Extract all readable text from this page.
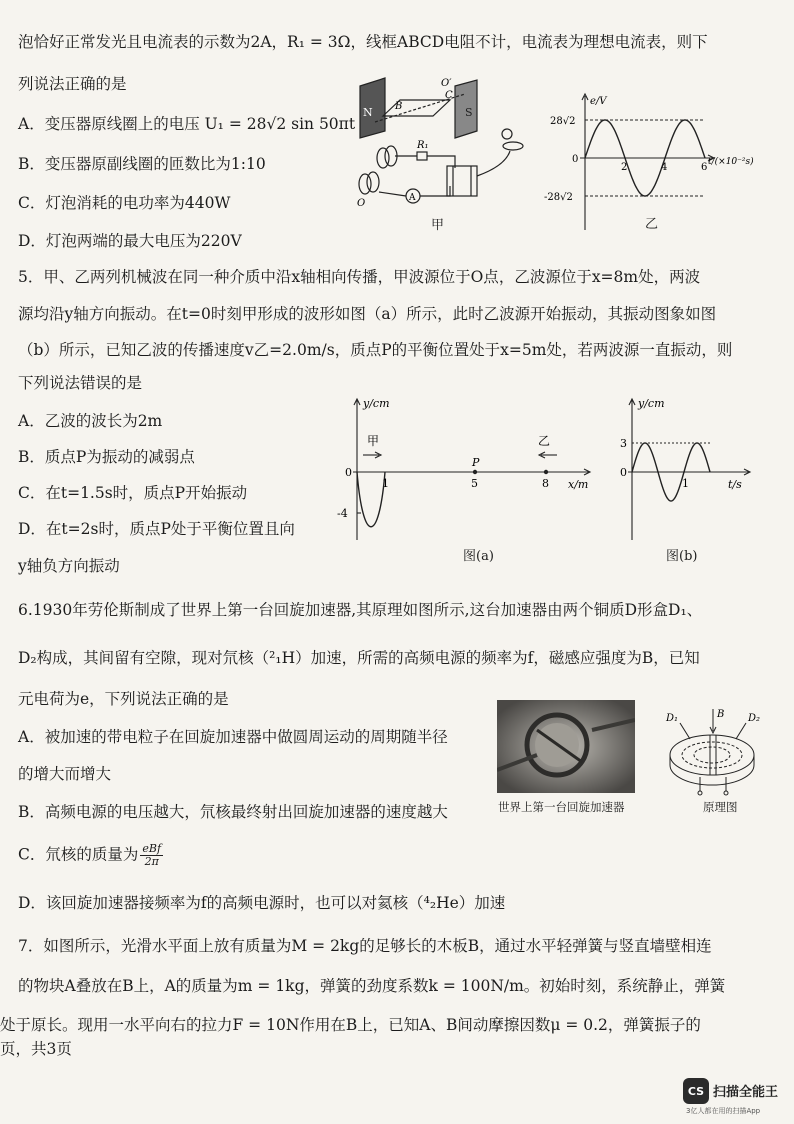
泡恰好正常发光且电流表的示数为2A，R₁ = 3Ω，线框ABCD电阻不计，电流表为理想电流表，则下
列说法正确的是
A．变压器原线圈上的电压 U₁ = 28√2 sin 50πt
B．变压器原副线圈的匝数比为1:10
C．灯泡消耗的电功率为440W
D．灯泡两端的最大电压为220V
5．甲、乙两列机械波在同一种介质中沿x轴相向传播，甲波源位于O点，乙波源位于x=8m处，两波
源均沿y轴方向振动。在t=0时刻甲形成的波形如图（a）所示，此时乙波源开始振动，其振动图象如图
（b）所示，已知乙波的传播速度v乙=2.0m/s，质点P的平衡位置处于x=5m处，若两波源一直振动，则
下列说法错误的是
A．乙波的波长为2m
B．质点P为振动的减弱点
C．在t=1.5s时，质点P开始振动
D．在t=2s时，质点P处于平衡位置且向
y轴负方向振动
6.1930年劳伦斯制成了世界上第一台回旋加速器,其原理如图所示,这台加速器由两个铜质D形盒D₁、
D₂构成，其间留有空隙，现对氘核（²₁H）加速，所需的高频电源的频率为f，磁感应强度为B，已知
元电荷为e，下列说法正确的是
A．被加速的带电粒子在回旋加速器中做圆周运动的周期随半径
的增大而增大
B．高频电源的电压越大，氘核最终射出回旋加速器的速度越大
C．氘核的质量为 eBf
2π
D．该回旋加速器接频率为f的高频电源时，也可以对氦核（⁴₂He）加速
7．如图所示，光滑水平面上放有质量为M = 2kg的足够长的木板B，通过水平轻弹簧与竖直墙壁相连
的物块A叠放在B上，A的质量为m = 1kg，弹簧的劲度系数k = 100N/m。初始时刻，系统静止，弹簧
处于原长。现用一水平向右的拉力F = 10N作用在B上，已知A、B间动摩擦因数μ = 0.2，弹簧振子的
页，共3页
N	S
B
C
O′
O
R₁
A
甲
e/V
t/(×10⁻²s)
28√2
-28√2
0
2	4	6
乙
y/cm
x/m
甲	乙
P
0
1	5	8
-4
图(a)
y/cm
t/s
3
0
1
图(b)
世界上第一台回旋加速器
D₁	B D₂
原理图
CS 扫描全能王
3亿人都在用的扫描App
